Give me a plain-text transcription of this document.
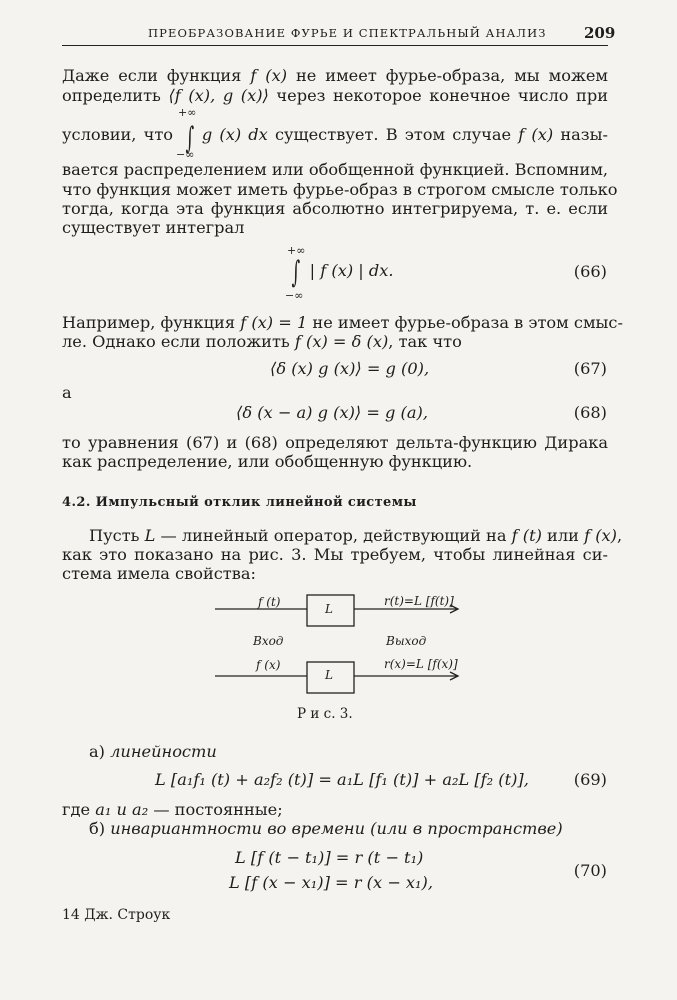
ПРЕОБРАЗОВАНИЕ ФУРЬЕ И СПЕКТРАЛЬНЫЙ АНАЛИЗ	209
Даже если функция f (x) не имеет фурье-образа, мы можем
определить ⟨f (x), g (x)⟩ через некоторое конечное число при
+∞
условии, что ∫ g (x) dx существует. В этом случае f (x) назы-
−∞
вается распределением или обобщенной функцией. Вспомним,
что функция может иметь фурье-образ в строгом смысле только
тогда, когда эта функция абсолютно интегрируема, т. е. если
существует интеграл
+∞
∫ | f (x) | dx.
−∞
(66)
Например, функция f (x) = 1 не имеет фурье-образа в этом смыс-
ле. Однако если положить f (x) = δ (x), так что
⟨δ (x) g (x)⟩ = g (0),	(67)
а
⟨δ (x − a) g (x)⟩ = g (a),	(68)
то уравнения (67) и (68) определяют дельта-функцию Дирака
как распределение, или обобщенную функцию.
4.2. Импульсный отклик линейной системы
Пусть L — линейный оператор, действующий на f (t) или f (x),
как это показано на рис. 3. Мы требуем, чтобы линейная си-
стема имела свойства:
f (t)	L
r(t)=L [f(t)]
Вход	Выход
f (x)
L
r(x)=L [f(x)]
Р и с. 3.
а) линейности
L [a₁f₁ (t) + a₂f₂ (t)] = a₁L [f₁ (t)] + a₂L [f₂ (t)],	(69)
где a₁ и a₂ — постоянные;
б) инвариантности во времени (или в пространстве)
L [f (t − t₁)] = r (t − t₁)
L [f (x − x₁)] = r (x − x₁),
(70)
14 Дж. Строук
